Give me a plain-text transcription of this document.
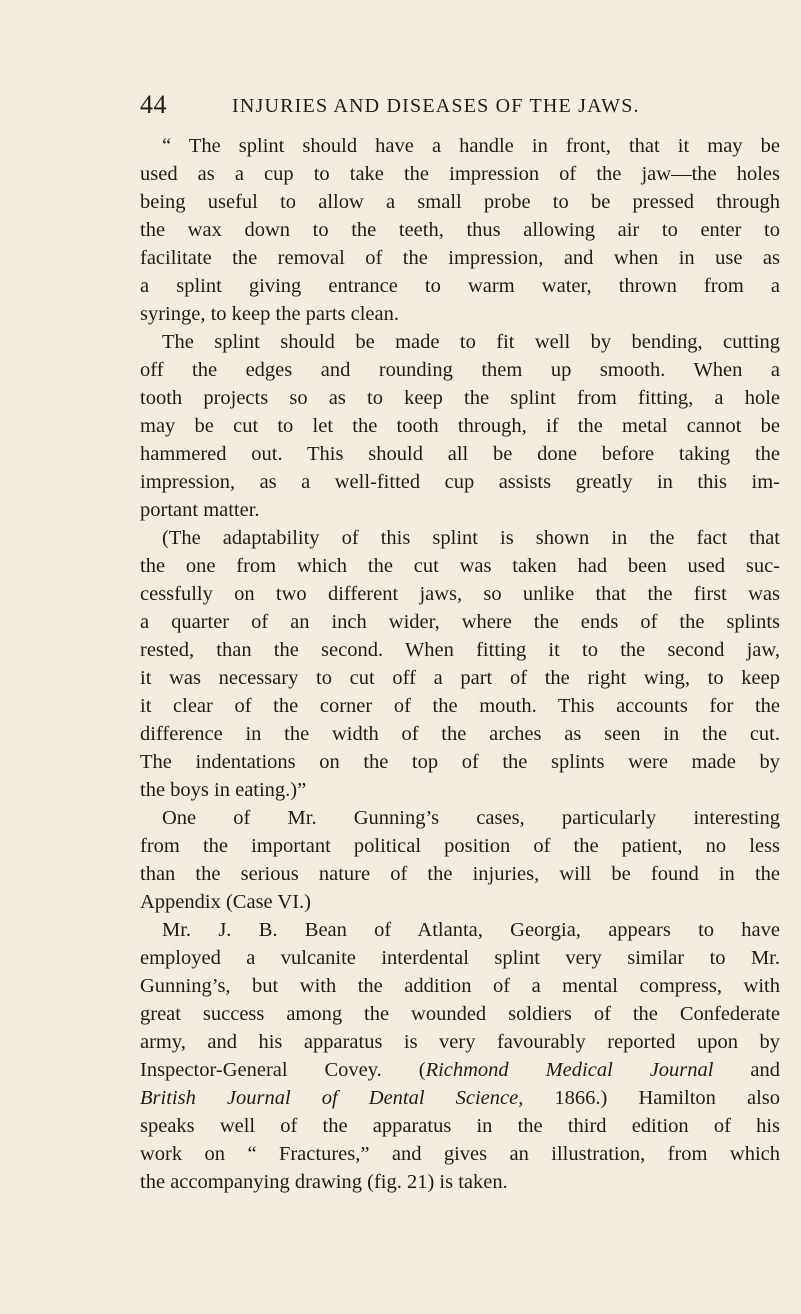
44	INJURIES AND DISEASES OF THE JAWS.
“ The splint should have a handle in front, that it may be
used as a cup to take the impression of the jaw—the holes
being useful to allow a small probe to be pressed through
the wax down to the teeth, thus allowing air to enter to
facilitate the removal of the impression, and when in use as
a splint giving entrance to warm water, thrown from a
syringe, to keep the parts clean.
The splint should be made to fit well by bending, cutting
off the edges and rounding them up smooth. When a
tooth projects so as to keep the splint from fitting, a hole
may be cut to let the tooth through, if the metal cannot be
hammered out. This should all be done before taking the
impression, as a well-fitted cup assists greatly in this im-
portant matter.
(The adaptability of this splint is shown in the fact that
the one from which the cut was taken had been used suc-
cessfully on two different jaws, so unlike that the first was
a quarter of an inch wider, where the ends of the splints
rested, than the second. When fitting it to the second jaw,
it was necessary to cut off a part of the right wing, to keep
it clear of the corner of the mouth. This accounts for the
difference in the width of the arches as seen in the cut.
The indentations on the top of the splints were made by
the boys in eating.)”
One of Mr. Gunning’s cases, particularly interesting
from the important political position of the patient, no less
than the serious nature of the injuries, will be found in the
Appendix (Case VI.)
Mr. J. B. Bean of Atlanta, Georgia, appears to have
employed a vulcanite interdental splint very similar to Mr.
Gunning’s, but with the addition of a mental compress, with
great success among the wounded soldiers of the Confederate
army, and his apparatus is very favourably reported upon by
Inspector-General Covey. (Richmond Medical Journal and
British Journal of Dental Science, 1866.) Hamilton also
speaks well of the apparatus in the third edition of his
work on “ Fractures,” and gives an illustration, from which
the accompanying drawing (fig. 21) is taken.
